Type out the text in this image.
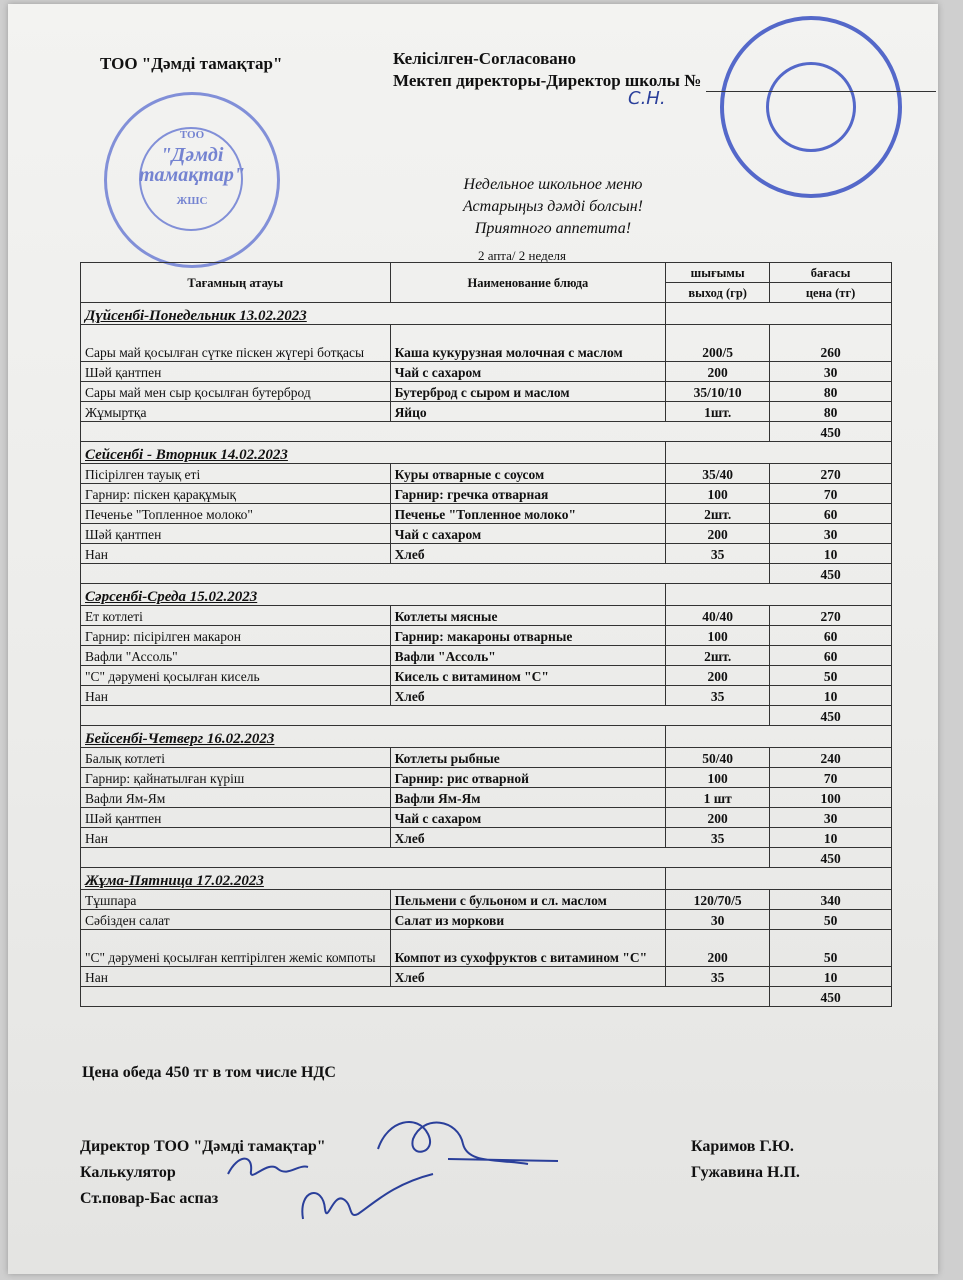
ТОО
"Дәмді тамақтар"
ЖШС
ТОО "Дәмді тамақтар"	Келісілген-Согласовано
Мектеп директоры-Директор школы №
С.Н.
Недельное школьное меню
Астарыңыз дәмді болсын!
Приятного аппетита!
2 апта/ 2 неделя
Тағамның атауы	Наименование блюда	шығымы	бағасы
		выход (гр)	цена (тг)
Дүйсенбі-Понедельник 13.02.2023			
Сары май қосылған сүтке піскен жүгері ботқасы	Каша кукурузная молочная с маслом	200/5	260
Шәй қантпен	Чай с сахаром	200	30
Сары май мен сыр қосылған бутерброд	Бутерброд с сыром и маслом	35/10/10	80
Жұмыртқа	Яйцо	1шт.	80
			450
Сейсенбі - Вторник 14.02.2023			
Пісірілген тауық еті	Куры отварные с соусом	35/40	270
Гарнир: піскен қарақұмық	Гарнир: гречка отварная	100	70
Печенье "Топленное молоко"	Печенье "Топленное молоко"	2шт.	60
Шәй қантпен	Чай с сахаром	200	30
Нан	Хлеб	35	10
			450
Сәрсенбі-Среда 15.02.2023			
Ет котлеті	Котлеты мясные	40/40	270
Гарнир: пісірілген макарон	Гарнир: макароны отварные	100	60
Вафли "Ассоль"	Вафли "Ассоль"	2шт.	60
"С" дәрумені қосылған кисель	Кисель с витамином "С"	200	50
Нан	Хлеб	35	10
			450
Бейсенбі-Четверг 16.02.2023			
Балық котлеті	Котлеты рыбные	50/40	240
Гарнир: қайнатылған күріш	Гарнир: рис отварной	100	70
Вафли Ям-Ям	Вафли Ям-Ям	1 шт	100
Шәй қантпен	Чай с сахаром	200	30
Нан	Хлеб	35	10
			450
Жұма-Пятница 17.02.2023			
Тұшпара	Пельмени с бульоном и сл. маслом	120/70/5	340
Сәбізден салат	Салат из моркови	30	50
"С" дәрумені қосылған кептірілген жеміс компоты	Компот из сухофруктов с витамином "С"	200	50
Нан	Хлеб	35	10
			450
Цена обеда 450 тг в том числе НДС
Директор ТОО "Дәмді тамақтар"	Каримов Г.Ю.
Калькулятор	Гужавина Н.П.
Ст.повар-Бас аспаз
